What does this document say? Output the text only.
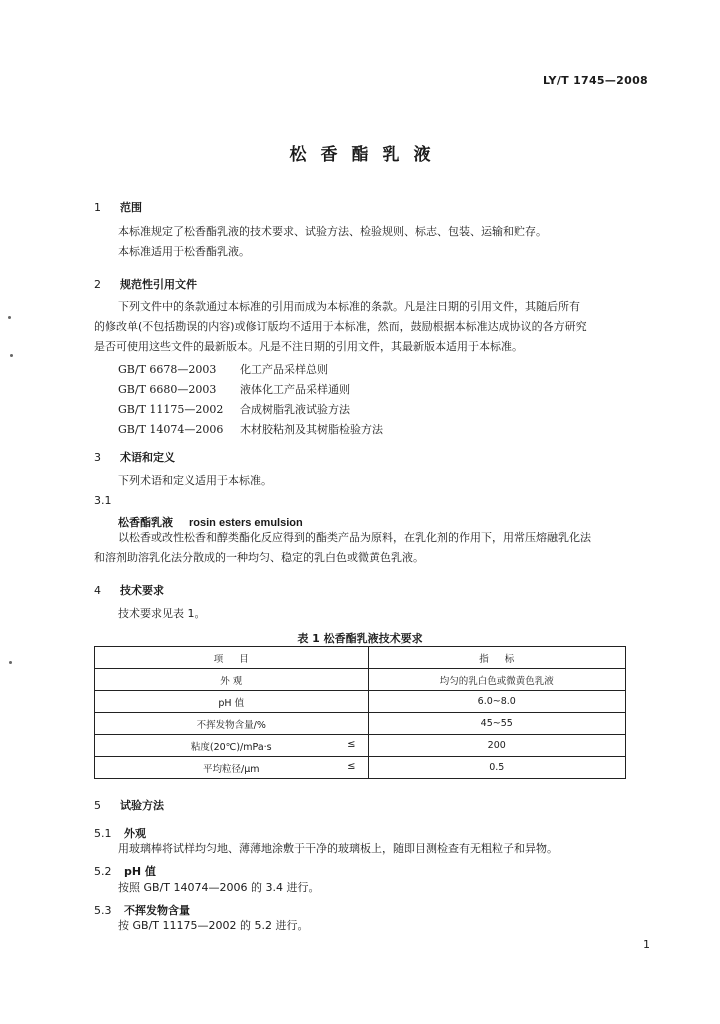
LY/T 1745—2008
松香酯乳液
1 范围
本标准规定了松香酯乳液的技术要求、试验方法、检验规则、标志、包装、运输和贮存。
本标准适用于松香酯乳液。
2 规范性引用文件
下列文件中的条款通过本标准的引用而成为本标准的条款。凡是注日期的引用文件，其随后所有
的修改单(不包括勘误的内容)或修订版均不适用于本标准，然而，鼓励根据本标准达成协议的各方研究
是否可使用这些文件的最新版本。凡是不注日期的引用文件，其最新版本适用于本标准。
GB/T 6678—2003 化工产品采样总则
GB/T 6680—2003 液体化工产品采样通则
GB/T 11175—2002 合成树脂乳液试验方法
GB/T 14074—2006 木材胶粘剂及其树脂检验方法
3 术语和定义
下列术语和定义适用于本标准。
3.1
松香酯乳液 rosin esters emulsion
以松香或改性松香和醇类酯化反应得到的酯类产品为原料，在乳化剂的作用下，用常压熔融乳化法
和溶剂助溶乳化法分散成的一种均匀、稳定的乳白色或微黄色乳液。
4 技术要求
技术要求见表 1。
表 1 松香酯乳液技术要求
项目	指标
外 观	均匀的乳白色或微黄色乳液
pH 值	6.0~8.0
不挥发物含量/%	45~55
粘度(20℃)/mPa·s ≤	200
平均粒径/μm ≤	0.5
5 试验方法
5.1 外观
用玻璃棒将试样均匀地、薄薄地涂敷于干净的玻璃板上，随即目测检查有无粗粒子和异物。
5.2 pH 值
按照 GB/T 14074—2006 的 3.4 进行。
5.3 不挥发物含量
按 GB/T 11175—2002 的 5.2 进行。
1
